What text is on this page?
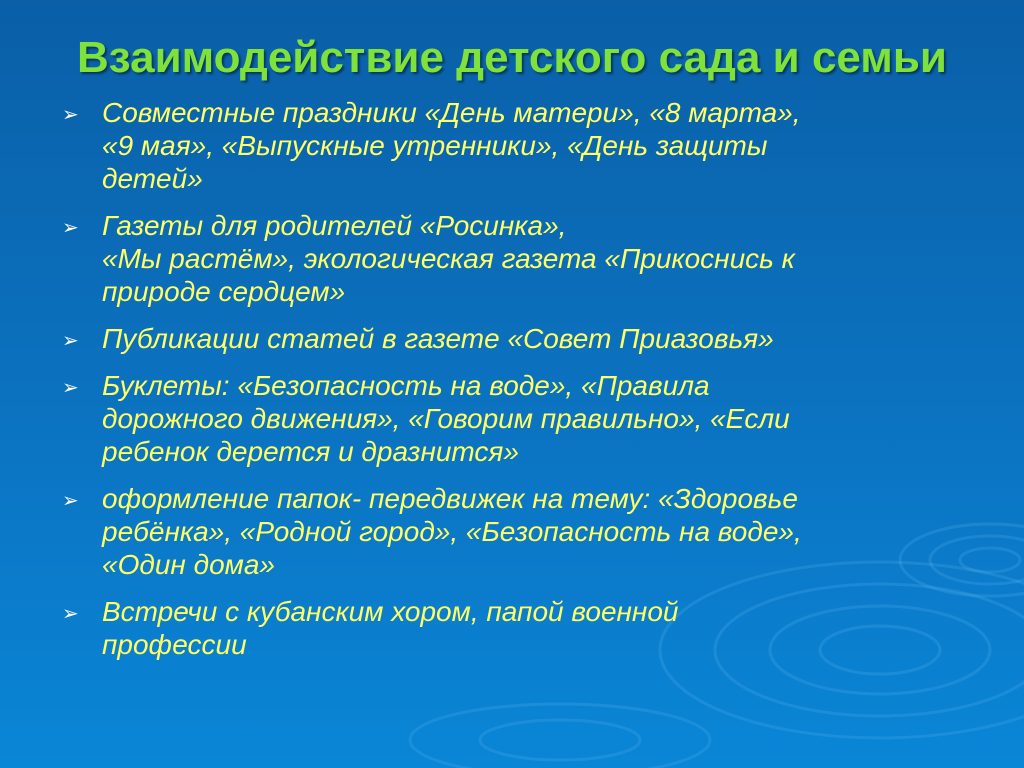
Взаимодействие детского сада и семьи
➢ Совместные праздники «День матери», «8 марта»,
«9 мая», «Выпускные утренники», «День защиты
детей»
➢ Газеты для родителей «Росинка»,
«Мы растём», экологическая газета «Прикоснись к
природе сердцем»
➢ Публикации статей в газете «Совет Приазовья»
➢ Буклеты: «Безопасность на воде», «Правила
дорожного движения», «Говорим правильно», «Если
ребенок дерется и дразнится»
➢ оформление папок- передвижек на тему: «Здоровье
ребёнка», «Родной город», «Безопасность на воде»,
«Один дома»
➢ Встречи с кубанским хором, папой военной
профессии
